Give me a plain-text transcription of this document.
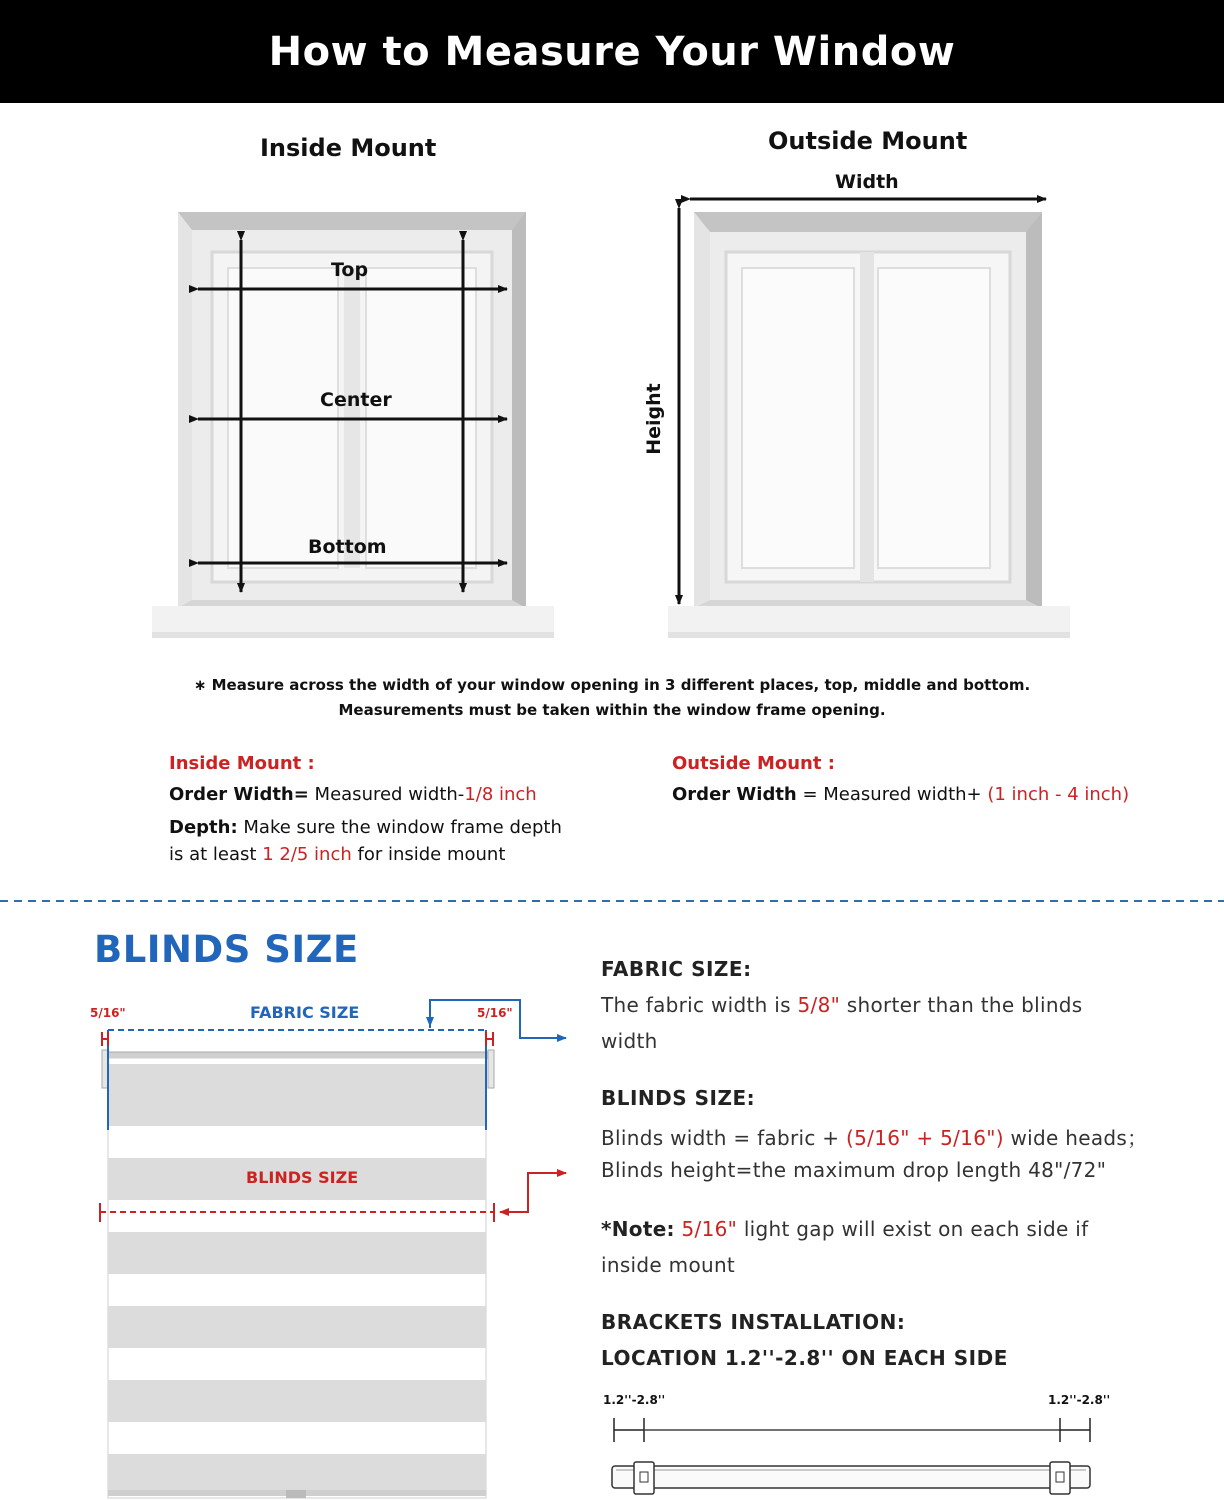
How to Measure Your Window
Inside Mount
Top
Center
Bottom
Outside Mount
Width
Height
∗ Measure across the width of your window opening in 3 different places, top, middle and bottom.
Measurements must be taken within the window frame opening.
Inside Mount :
Order Width= Measured width-1/8 inch
Depth: Make sure the window frame depth
is at least 1 2/5 inch for inside mount
Outside Mount :
Order Width = Measured width+ (1 inch - 4 inch)
BLINDS SIZE
FABRIC SIZE
5/16"	5/16"
BLINDS SIZE
FABRIC SIZE:
The fabric width is 5/8" shorter than the blinds
width
BLINDS SIZE:
Blinds width = fabric + (5/16" + 5/16") wide heads；
Blinds height=the maximum drop length 48"/72"
*Note: 5/16" light gap will exist on each side if
inside mount
BRACKETS INSTALLATION:
LOCATION 1.2''-2.8'' ON EACH SIDE
1.2''-2.8''	1.2''-2.8''
